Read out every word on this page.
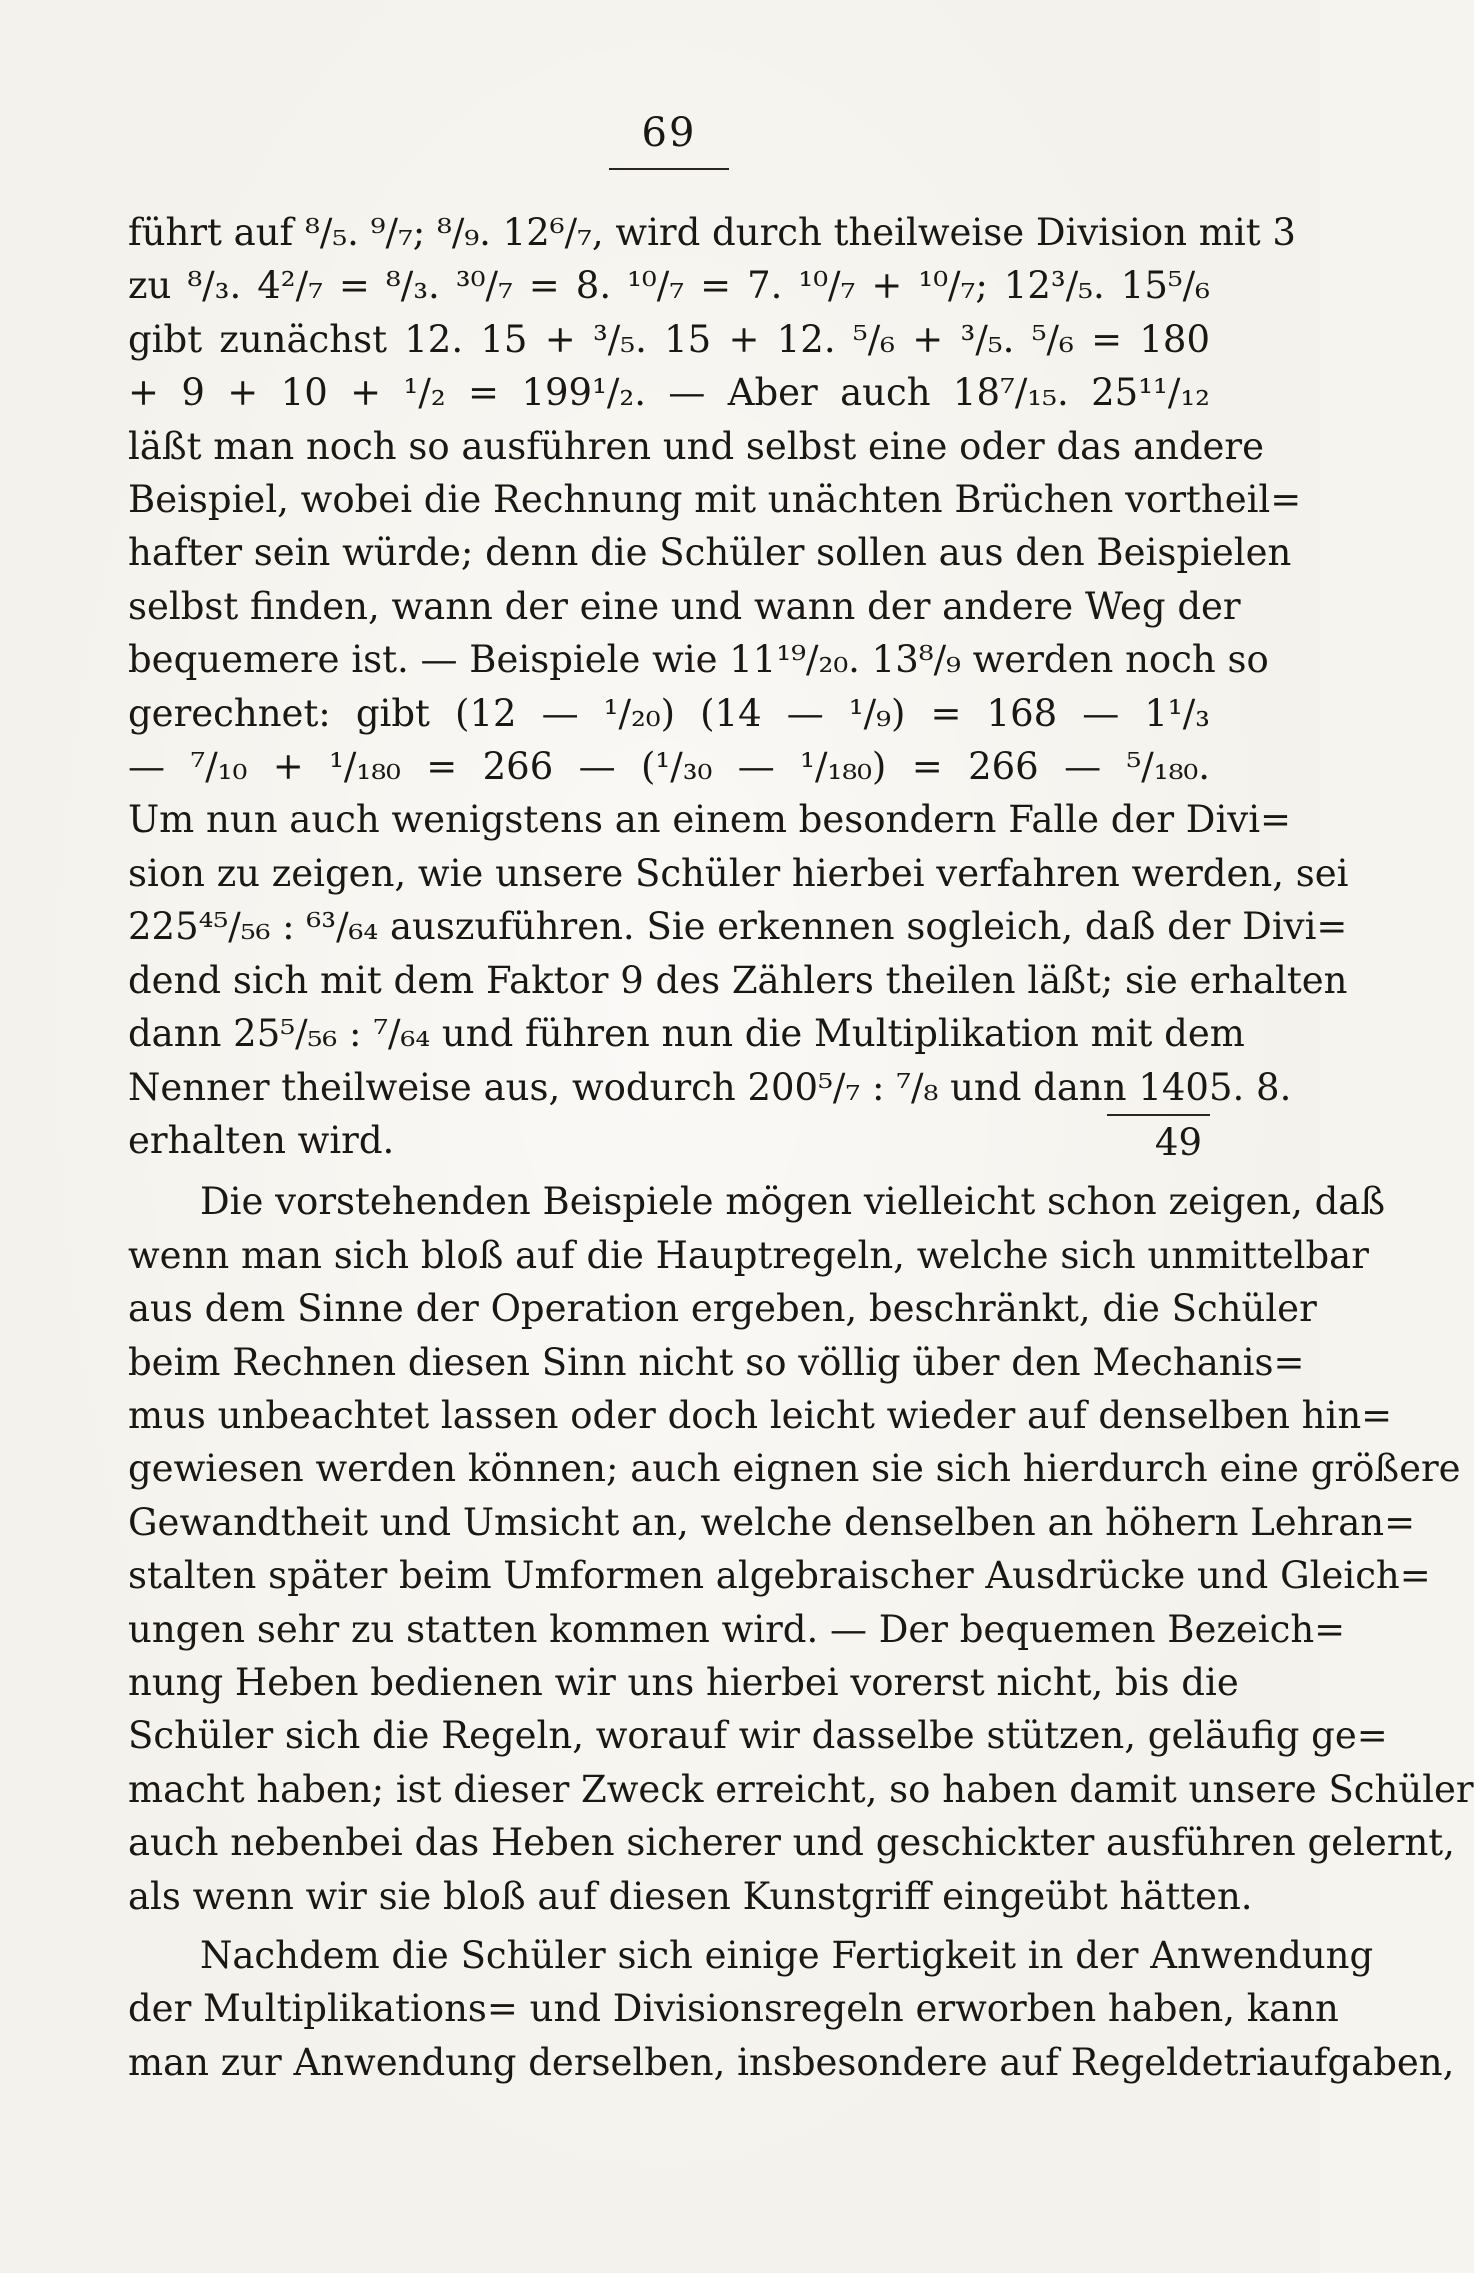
69
führt auf ⁸/₅. ⁹/₇; ⁸/₉. 12⁶/₇, wird durch theilweise Division mit 3
zu ⁸/₃. 4²/₇ = ⁸/₃. ³⁰/₇ = 8. ¹⁰/₇ = 7. ¹⁰/₇ + ¹⁰/₇; 12³/₅. 15⁵/₆
gibt zunächst 12. 15 + ³/₅. 15 + 12. ⁵/₆ + ³/₅. ⁵/₆ = 180
+ 9 + 10 + ¹/₂ = 199¹/₂. — Aber auch 18⁷/₁₅. 25¹¹/₁₂
läßt man noch so ausführen und selbst eine oder das andere
Beispiel, wobei die Rechnung mit unächten Brüchen vortheil=
hafter sein würde; denn die Schüler sollen aus den Beispielen
selbst finden, wann der eine und wann der andere Weg der
bequemere ist. — Beispiele wie 11¹⁹/₂₀. 13⁸/₉ werden noch so
gerechnet: gibt (12 — ¹/₂₀) (14 — ¹/₉) = 168 — 1¹/₃
— ⁷/₁₀ + ¹/₁₈₀ = 266 — (¹/₃₀ — ¹/₁₈₀) = 266 — ⁵/₁₈₀.
Um nun auch wenigstens an einem besondern Falle der Divi=
sion zu zeigen, wie unsere Schüler hierbei verfahren werden, sei
225⁴⁵/₅₆ : ⁶³/₆₄ auszuführen. Sie erkennen sogleich, daß der Divi=
dend sich mit dem Faktor 9 des Zählers theilen läßt; sie erhalten
dann 25⁵/₅₆ : ⁷/₆₄ und führen nun die Multiplikation mit dem
Nenner theilweise aus, wodurch 200⁵/₇ : ⁷/₈ und dann 1405. 8.
erhalten wird.	49
Die vorstehenden Beispiele mögen vielleicht schon zeigen, daß
wenn man sich bloß auf die Hauptregeln, welche sich unmittelbar
aus dem Sinne der Operation ergeben, beschränkt, die Schüler
beim Rechnen diesen Sinn nicht so völlig über den Mechanis=
mus unbeachtet lassen oder doch leicht wieder auf denselben hin=
gewiesen werden können; auch eignen sie sich hierdurch eine größere
Gewandtheit und Umsicht an, welche denselben an höhern Lehran=
stalten später beim Umformen algebraischer Ausdrücke und Gleich=
ungen sehr zu statten kommen wird. — Der bequemen Bezeich=
nung Heben bedienen wir uns hierbei vorerst nicht, bis die
Schüler sich die Regeln, worauf wir dasselbe stützen, geläufig ge=
macht haben; ist dieser Zweck erreicht, so haben damit unsere Schüler
auch nebenbei das Heben sicherer und geschickter ausführen gelernt,
als wenn wir sie bloß auf diesen Kunstgriff eingeübt hätten.
Nachdem die Schüler sich einige Fertigkeit in der Anwendung
der Multiplikations= und Divisionsregeln erworben haben, kann
man zur Anwendung derselben, insbesondere auf Regeldetriaufgaben,
